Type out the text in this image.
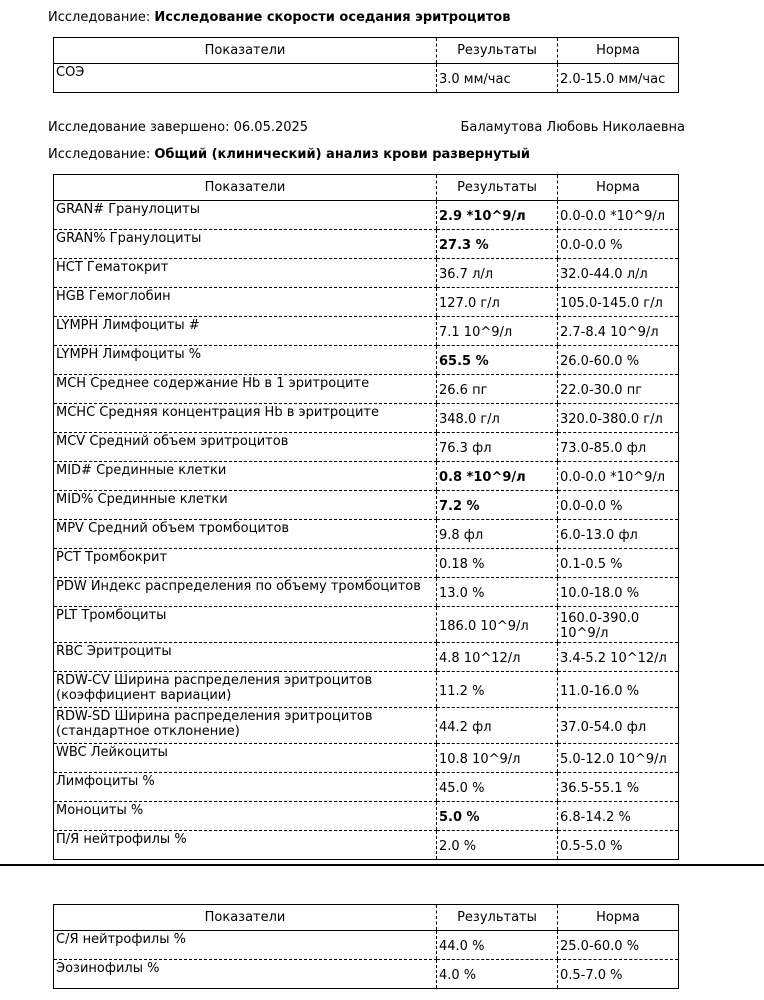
Исследование: Исследование скорости оседания эритроцитов
Показатели	Результаты	Норма
СОЭ	3.0 мм/час	2.0-15.0 мм/час
Исследование завершено: 06.05.2025	Баламутова Любовь Николаевна
Исследование: Общий (клинический) анализ крови развернутый
Показатели	Результаты	Норма
GRAN# Гранулоциты	2.9 *10^9/л	0.0-0.0 *10^9/л
GRAN% Гранулоциты	27.3 %	0.0-0.0 %
HCT Гематокрит	36.7 л/л	32.0-44.0 л/л
HGB Гемоглобин	127.0 г/л	105.0-145.0 г/л
LYMPH Лимфоциты #	7.1 10^9/л	2.7-8.4 10^9/л
LYMPH Лимфоциты %	65.5 %	26.0-60.0 %
MCH Среднее содержание Hb в 1 эритроците	26.6 пг	22.0-30.0 пг
MCHC Средняя концентрация Hb в эритроците	348.0 г/л	320.0-380.0 г/л
MCV Средний объем эритроцитов	76.3 фл	73.0-85.0 фл
MID# Срединные клетки	0.8 *10^9/л	0.0-0.0 *10^9/л
MID% Срединные клетки	7.2 %	0.0-0.0 %
MPV Средний объем тромбоцитов	9.8 фл	6.0-13.0 фл
PCT Тромбокрит	0.18 %	0.1-0.5 %
PDW Индекс распределения по объему тромбоцитов	13.0 %	10.0-18.0 %
PLT Тромбоциты	186.0 10^9/л	160.0-390.0 10^9/л
RBC Эритроциты	4.8 10^12/л	3.4-5.2 10^12/л
RDW-CV Ширина распределения эритроцитов (коэффициент вариации)	11.2 %	11.0-16.0 %
RDW-SD Ширина распределения эритроцитов (стандартное отклонение)	44.2 фл	37.0-54.0 фл
WBC Лейкоциты	10.8 10^9/л	5.0-12.0 10^9/л
Лимфоциты %	45.0 %	36.5-55.1 %
Моноциты %	5.0 %	6.8-14.2 %
П/Я нейтрофилы %	2.0 %	0.5-5.0 %
Показатели	Результаты	Норма
С/Я нейтрофилы %	44.0 %	25.0-60.0 %
Эозинофилы %	4.0 %	0.5-7.0 %
